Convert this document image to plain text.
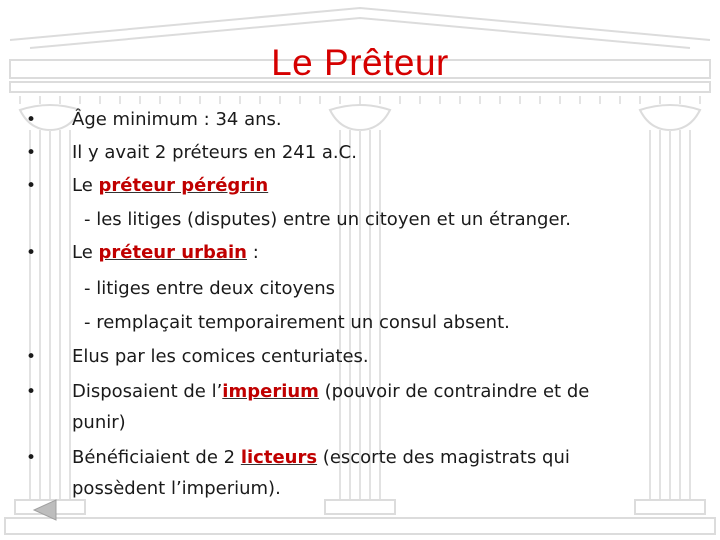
Le Prêteur
• Âge minimum : 34 ans.
• Il y avait 2 préteurs en 241 a.C.
• Le préteur pérégrin
- les litiges (disputes) entre un citoyen et un étranger.
• Le préteur urbain :
- litiges entre deux citoyens
- remplaçait temporairement un consul absent.
• Elus par les comices centuriates.
• Disposaient de l’imperium (pouvoir de contraindre et de
punir)
• Bénéficiaient de 2 licteurs (escorte des magistrats qui
possèdent l’imperium).
